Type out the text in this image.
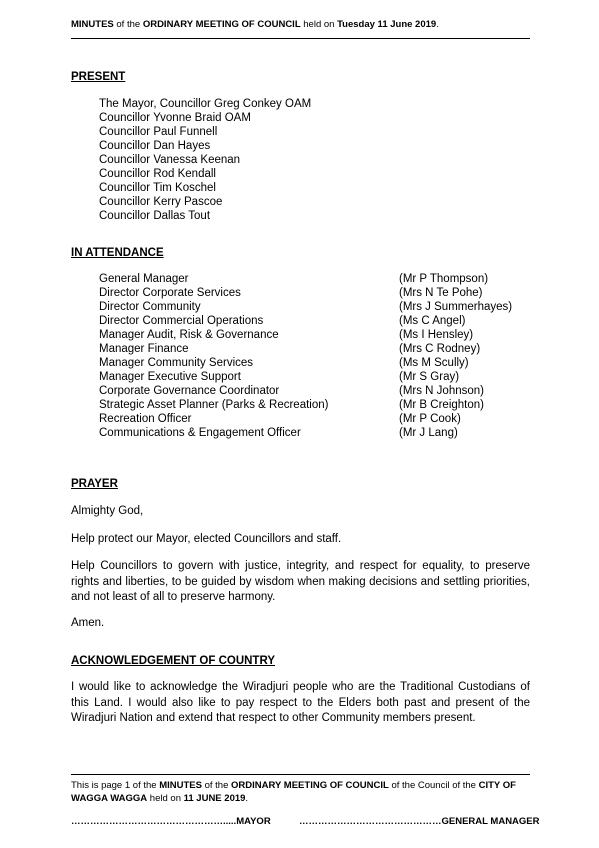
MINUTES of the ORDINARY MEETING OF COUNCIL held on Tuesday 11 June 2019.
PRESENT
The Mayor, Councillor Greg Conkey OAM
Councillor Yvonne Braid OAM
Councillor Paul Funnell
Councillor Dan Hayes
Councillor Vanessa Keenan
Councillor Rod Kendall
Councillor Tim Koschel
Councillor Kerry Pascoe
Councillor Dallas Tout
IN ATTENDANCE
General Manager	(Mr P Thompson)
Director Corporate Services	(Mrs N Te Pohe)
Director Community	(Mrs J Summerhayes)
Director Commercial Operations	(Ms C Angel)
Manager Audit, Risk & Governance	(Ms I Hensley)
Manager Finance	(Mrs C Rodney)
Manager Community Services	(Ms M Scully)
Manager Executive Support	(Mr S Gray)
Corporate Governance Coordinator	(Mrs N Johnson)
Strategic Asset Planner (Parks & Recreation)	(Mr B Creighton)
Recreation Officer	(Mr P Cook)
Communications & Engagement Officer	(Mr J Lang)
PRAYER
Almighty God,
Help protect our Mayor, elected Councillors and staff.
Help Councillors to govern with justice, integrity, and respect for equality, to preserve rights and liberties, to be guided by wisdom when making decisions and settling priorities, and not least of all to preserve harmony.
Amen.
ACKNOWLEDGEMENT OF COUNTRY
I would like to acknowledge the Wiradjuri people who are the Traditional Custodians of this Land. I would also like to pay respect to the Elders both past and present of the Wiradjuri Nation and extend that respect to other Community members present.
This is page 1 of the MINUTES of the ORDINARY MEETING OF COUNCIL of the Council of the CITY OF WAGGA WAGGA held on 11 JUNE 2019.
………………………………………….....MAYOR	………………………………………GENERAL MANAGER
